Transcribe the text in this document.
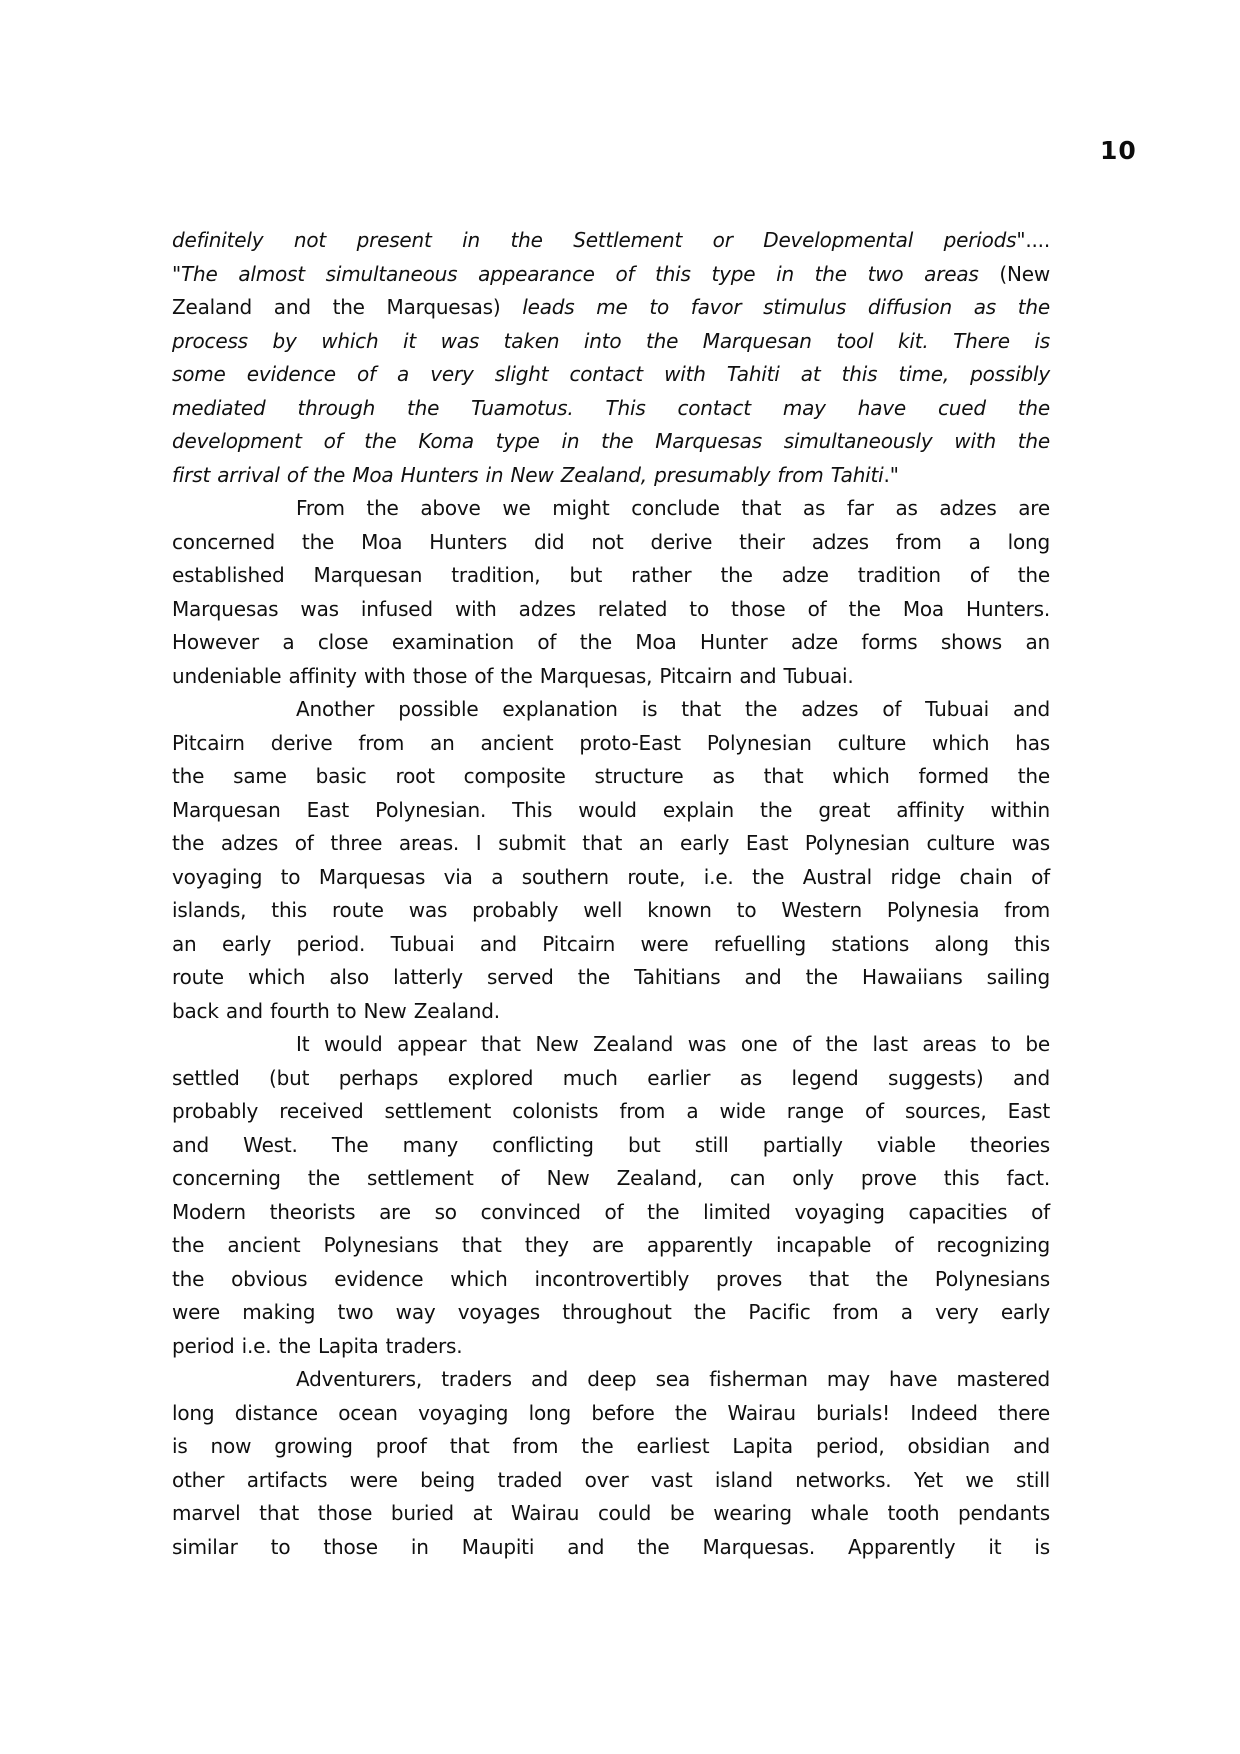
10
definitely not present in the Settlement or Developmental periods"....
"The almost simultaneous appearance of this type in the two areas (New
Zealand and the Marquesas) leads me to favor stimulus diffusion as the
process by which it was taken into the Marquesan tool kit. There is
some evidence of a very slight contact with Tahiti at this time, possibly
mediated through the Tuamotus. This contact may have cued the
development of the Koma type in the Marquesas simultaneously with the
first arrival of the Moa Hunters in New Zealand, presumably from Tahiti."
From the above we might conclude that as far as adzes are
concerned the Moa Hunters did not derive their adzes from a long
established Marquesan tradition, but rather the adze tradition of the
Marquesas was infused with adzes related to those of the Moa Hunters.
However a close examination of the Moa Hunter adze forms shows an
undeniable affinity with those of the Marquesas, Pitcairn and Tubuai.
Another possible explanation is that the adzes of Tubuai and
Pitcairn derive from an ancient proto-East Polynesian culture which has
the same basic root composite structure as that which formed the
Marquesan East Polynesian. This would explain the great affinity within
the adzes of three areas. I submit that an early East Polynesian culture was
voyaging to Marquesas via a southern route, i.e. the Austral ridge chain of
islands, this route was probably well known to Western Polynesia from
an early period. Tubuai and Pitcairn were refuelling stations along this
route which also latterly served the Tahitians and the Hawaiians sailing
back and fourth to New Zealand.
It would appear that New Zealand was one of the last areas to be
settled (but perhaps explored much earlier as legend suggests) and
probably received settlement colonists from a wide range of sources, East
and West. The many conflicting but still partially viable theories
concerning the settlement of New Zealand, can only prove this fact.
Modern theorists are so convinced of the limited voyaging capacities of
the ancient Polynesians that they are apparently incapable of recognizing
the obvious evidence which incontrovertibly proves that the Polynesians
were making two way voyages throughout the Pacific from a very early
period i.e. the Lapita traders.
Adventurers, traders and deep sea fisherman may have mastered
long distance ocean voyaging long before the Wairau burials! Indeed there
is now growing proof that from the earliest Lapita period, obsidian and
other artifacts were being traded over vast island networks. Yet we still
marvel that those buried at Wairau could be wearing whale tooth pendants
similar to those in Maupiti and the Marquesas. Apparently it is
